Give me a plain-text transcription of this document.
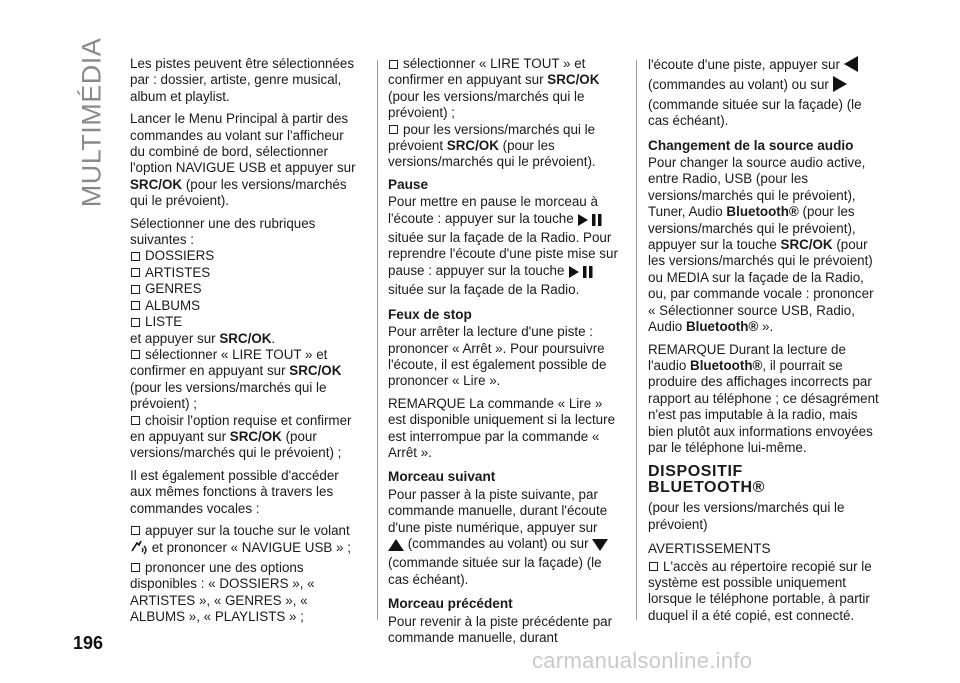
MULTIMÉDIA
196

Les pistes peuvent être sélectionnées par : dossier, artiste, genre musical, album et playlist.

Lancer le Menu Principal à partir des commandes au volant sur l'afficheur du combiné de bord, sélectionner l'option NAVIGUE USB et appuyer sur SRC/OK (pour les versions/marchés qui le prévoient).

Sélectionner une des rubriques suivantes :

DOSSIERS
ARTISTES
GENRES
ALBUMS
LISTE
et appuyer sur SRC/OK.
sélectionner « LIRE TOUT » et confirmer en appuyant sur SRC/OK (pour les versions/marchés qui le prévoient) ;

choisir l'option requise et confirmer en appuyant sur SRC/OK (pour versions/marchés qui le prévoient) ;

Il est également possible d'accéder aux mêmes fonctions à travers les commandes vocales :

appuyer sur la touche sur le volant
et prononcer « NAVIGUE USB » ;
prononcer une des options disponibles : « DOSSIERS », « ARTISTES », « GENRES », « ALBUMS », « PLAYLISTS » ;
sélectionner « LIRE TOUT » et confirmer en appuyant sur SRC/OK (pour les versions/marchés qui le prévoient) ;

pour les versions/marchés qui le prévoient SRC/OK (pour les versions/marchés qui le prévoient).

Pause

Pour mettre en pause le morceau à l'écoute : appuyer sur la touche  située sur la façade de la Radio. Pour reprendre l'écoute d'une piste mise sur pause : appuyer sur la touche  située sur la façade de la Radio.

Feux de stop

Pour arrêter la lecture d'une piste : prononcer « Arrêt ». Pour poursuivre l'écoute, il est également possible de prononcer « Lire ».

REMARQUE La commande « Lire » est disponible uniquement si la lecture est interrompue par la commande « Arrêt ».

Morceau suivant

Pour passer à la piste suivante, par commande manuelle, durant l'écoute d'une piste numérique, appuyer sur
(commandes au volant) ou sur  (commande située sur la façade) (le cas échéant).

Morceau précédent

Pour revenir à la piste précédente par commande manuelle, durant

l'écoute d'une piste, appuyer sur  (commandes au volant) ou sur  (commande située sur la façade) (le cas échéant).

Changement de la source audio

Pour changer la source audio active, entre Radio, USB (pour les versions/marchés qui le prévoient), Tuner, Audio Bluetooth® (pour les versions/marchés qui le prévoient), appuyer sur la touche SRC/OK (pour les versions/marchés qui le prévoient) ou MEDIA sur la façade de la Radio, ou, par commande vocale : prononcer « Sélectionner source USB, Radio, Audio Bluetooth® ».

REMARQUE Durant la lecture de l'audio Bluetooth®, il pourrait se produire des affichages incorrects par rapport au téléphone ; ce désagrément n'est pas imputable à la radio, mais bien plutôt aux informations envoyées par le téléphone lui-même.

DISPOSITIF
BLUETOOTH®

(pour les versions/marchés qui le prévoient)

AVERTISSEMENTS
L'accès au répertoire recopié sur le système est possible uniquement lorsque le téléphone portable, à partir duquel il a été copié, est connecté.
carmanualsonline.info
